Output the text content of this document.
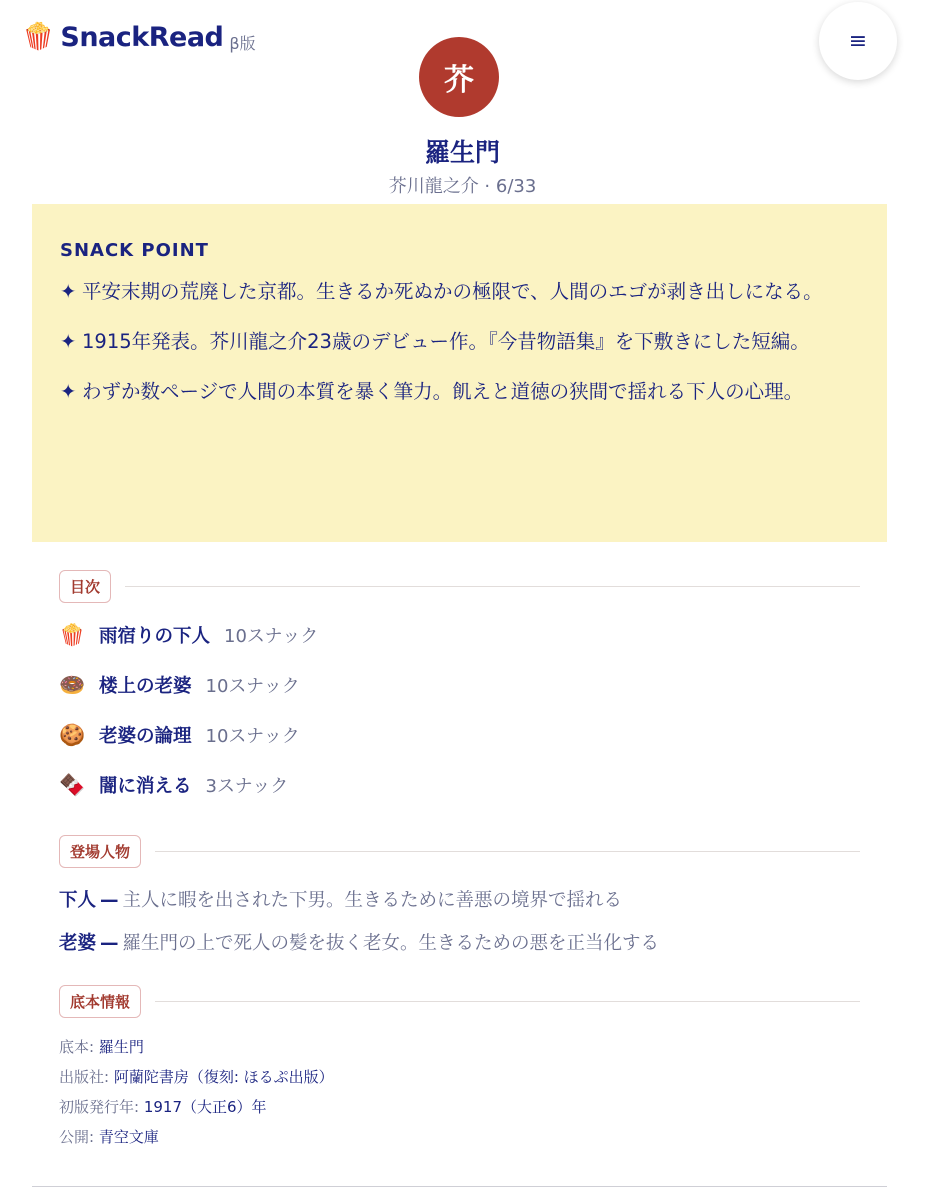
🍿 SnackRead β版	≡
芥
羅生門
芥川龍之介 · 6/33
SNACK POINT
✦ 平安末期の荒廃した京都。生きるか死ぬかの極限で、人間のエゴが剥き出しになる。
✦ 1915年発表。芥川龍之介23歳のデビュー作。『今昔物語集』を下敷きにした短編。
✦ わずか数ページで人間の本質を暴く筆力。飢えと道徳の狭間で揺れる下人の心理。
目次
🍿 雨宿りの下人 10スナック
🍩 楼上の老婆 10スナック
🍪 老婆の論理 10スナック
🍫 闇に消える 3スナック
登場人物
下人 — 主人に暇を出された下男。生きるために善悪の境界で揺れる
老婆 — 羅生門の上で死人の髪を抜く老女。生きるための悪を正当化する
底本情報
底本: 羅生門
出版社: 阿蘭陀書房（復刻: ほるぷ出版）
初版発行年: 1917（大正6）年
公開: 青空文庫
